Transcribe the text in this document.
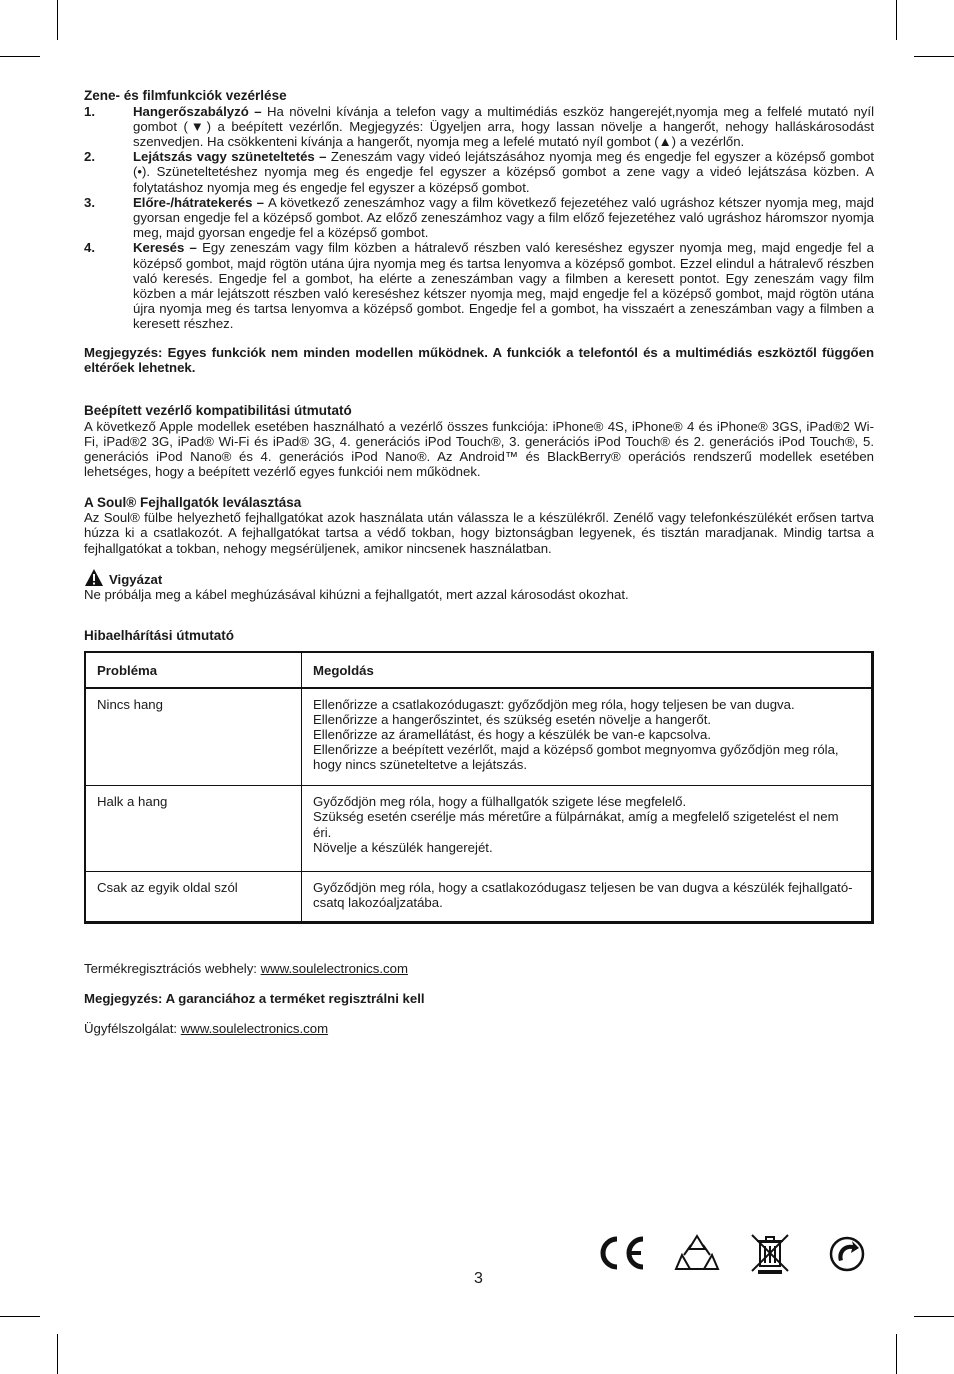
Zene- és filmfunkciók vezérlése
1.	Hangerőszabályzó – Ha növelni kívánja a telefon vagy a multimédiás eszköz hangerejét,nyomja meg a felfelé mutató nyíl gombot (▼) a beépített vezérlőn. Megjegyzés: Ügyeljen arra, hogy lassan növelje a hangerőt, nehogy halláskárosodást szenvedjen. Ha csökkenteni kívánja a hangerőt, nyomja meg a lefelé mutató nyíl gombot (▲) a vezérlőn.
2.	Lejátszás vagy szüneteltetés – Zeneszám vagy videó lejátszásához nyomja meg és engedje fel egyszer a középső gombot (•). Szüneteltetéshez nyomja meg és engedje fel egyszer a középső gombot a zene vagy a videó lejátszása közben. A folytatáshoz nyomja meg és engedje fel egyszer a középső gombot.
3.	Előre-/hátratekerés – A következő zeneszámhoz vagy a film következő fejezetéhez való ugráshoz kétszer nyomja meg, majd gyorsan engedje fel a középső gombot. Az előző zeneszámhoz vagy a film előző fejezetéhez való ugráshoz háromszor nyomja meg, majd gyorsan engedje fel a középső gombot.
4.	Keresés – Egy zeneszám vagy film közben a hátralevő részben való kereséshez egyszer nyomja meg, majd engedje fel a középső gombot, majd rögtön utána újra nyomja meg és tartsa lenyomva a középső gombot. Ezzel elindul a hátralevő részben való keresés. Engedje fel a gombot, ha elérte a zeneszámban vagy a filmben a keresett pontot. Egy zeneszám vagy film közben a már lejátszott részben való kereséshez kétszer nyomja meg, majd engedje fel a középső gombot, majd rögtön utána újra nyomja meg és tartsa lenyomva a középső gombot. Engedje fel a gombot, ha visszaért a zeneszámban vagy a filmben a keresett részhez.

Megjegyzés: Egyes funkciók nem minden modellen működnek. A funkciók a telefontól és a multimédiás eszköztől függően eltérőek lehetnek.

Beépített vezérlő kompatibilitási útmutató

A következő Apple modellek esetében használható a vezérlő összes funkciója: iPhone® 4S, iPhone® 4 és iPhone® 3GS, iPad®2 Wi-Fi, iPad®2 3G, iPad® Wi-Fi és iPad® 3G, 4. generációs iPod Touch®, 3. generációs iPod Touch® és 2. generációs iPod Touch®, 5. generációs iPod Nano® és 4. generációs iPod Nano®. Az Android™ és BlackBerry® operációs rendszerű modellek esetében lehetséges, hogy a beépített vezérlő egyes funkciói nem működnek.

A Soul® Fejhallgatók leválasztása

Az Soul® fülbe helyezhető fejhallgatókat azok használata után válassza le a készülékről. Zenélő vagy telefonkészülékét erősen tartva húzza ki a csatlakozót. A fejhallgatókat tartsa a védő tokban, hogy biztonságban legyenek, és tisztán maradjanak. Mindig tartsa a fejhallgatókat a tokban, nehogy megsérüljenek, amikor nincsenek használatban.

Vigyázat

Ne próbálja meg a kábel meghúzásával kihúzni a fejhallgatót, mert azzal károsodást okozhat.

Hibaelhárítási útmutató
Probléma	Megoldás
Nincs hang	Ellenőrizze a csatlakozódugaszt: győződjön meg róla, hogy teljesen be van dugva.
Ellenőrizze a hangerőszintet, és szükség esetén növelje a hangerőt.
Ellenőrizze az áramellátást, és hogy a készülék be van-e kapcsolva.
Ellenőrizze a beépített vezérlőt, majd a középső gombot megnyomva győződjön meg róla, hogy nincs szüneteltetve a lejátszás.

Halk a hang	Győződjön meg róla, hogy a fülhallgatók szigete lése megfelelő.
Szükség esetén cserélje más méretűre a fülpárnákat, amíg a megfelelő szigetelést el nem éri.
Növelje a készülék hangerejét.

Csak az egyik oldal szól	Győződjön meg róla, hogy a csatlakozódugasz teljesen be van dugva a készülék fejhallgató-csatq lakozóaljzatába.

Termékregisztrációs webhely: www.soulelectronics.com

Megjegyzés: A garanciához a terméket regisztrálni kell

Ügyfélszolgálat: www.soulelectronics.com

3
